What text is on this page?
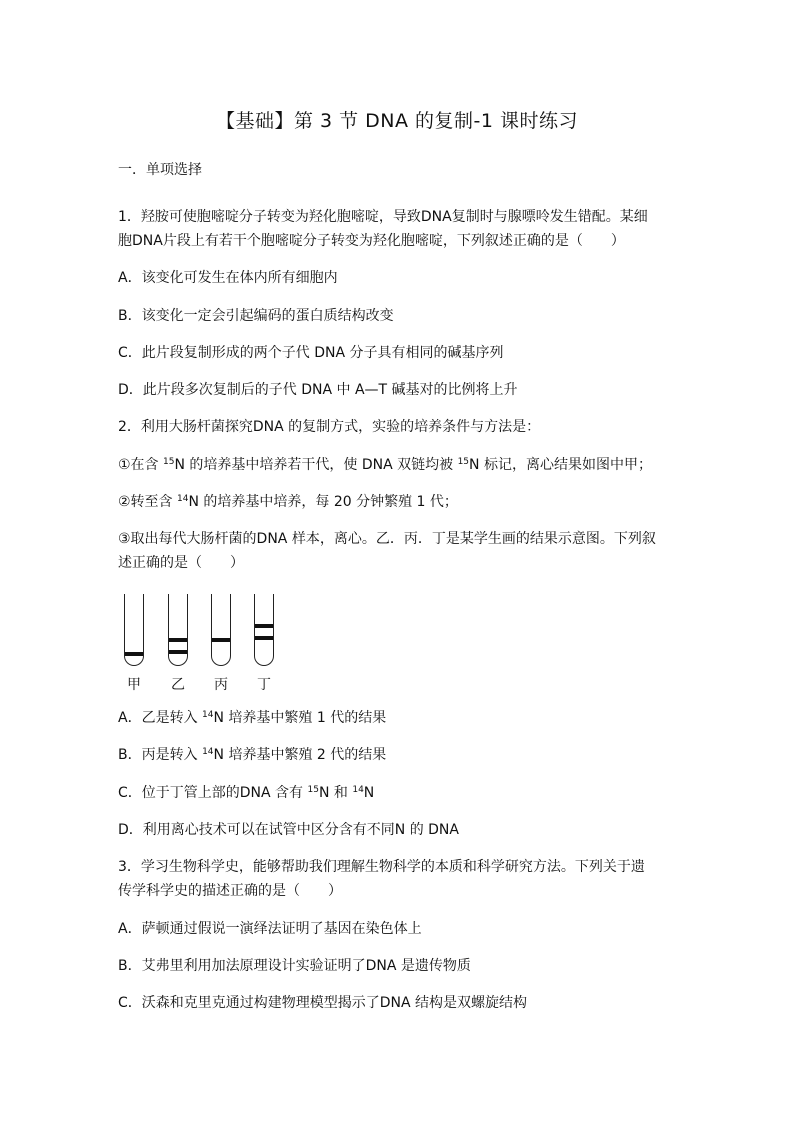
【基础】第 3 节 DNA 的复制-1 课时练习

一．单项选择

1．羟胺可使胞嘧啶分子转变为羟化胞嘧啶，导致DNA复制时与腺嘌呤发生错配。某细

胞DNA片段上有若干个胞嘧啶分子转变为羟化胞嘧啶，下列叙述正确的是（　　）

A．该变化可发生在体内所有细胞内

B．该变化一定会引起编码的蛋白质结构改变

C．此片段复制形成的两个子代 DNA 分子具有相同的碱基序列

D．此片段多次复制后的子代 DNA 中 A—T 碱基对的比例将上升

2．利用大肠杆菌探究DNA 的复制方式，实验的培养条件与方法是：

①在含 $^{15}$N 的培养基中培养若干代，使 DNA 双链均被 $^{15}$N 标记，离心结果如图中甲；

②转至含 $^{14}$N 的培养基中培养，每 20 分钟繁殖 1 代；

③取出每代大肠杆菌的DNA 样本，离心。乙．丙．丁是某学生画的结果示意图。下列叙

述正确的是（　　）

甲	乙	丙	丁

A．乙是转入 $^{14}$N 培养基中繁殖 1 代的结果

B．丙是转入 $^{14}$N 培养基中繁殖 2 代的结果

C．位于丁管上部的DNA 含有 $^{15}$N 和 $^{14}$N

D．利用离心技术可以在试管中区分含有不同N 的 DNA

3．学习生物科学史，能够帮助我们理解生物科学的本质和科学研究方法。下列关于遗

传学科学史的描述正确的是（　　）

A．萨顿通过假说一演绎法证明了基因在染色体上

B．艾弗里利用加法原理设计实验证明了DNA 是遗传物质

C．沃森和克里克通过构建物理模型揭示了DNA 结构是双螺旋结构
